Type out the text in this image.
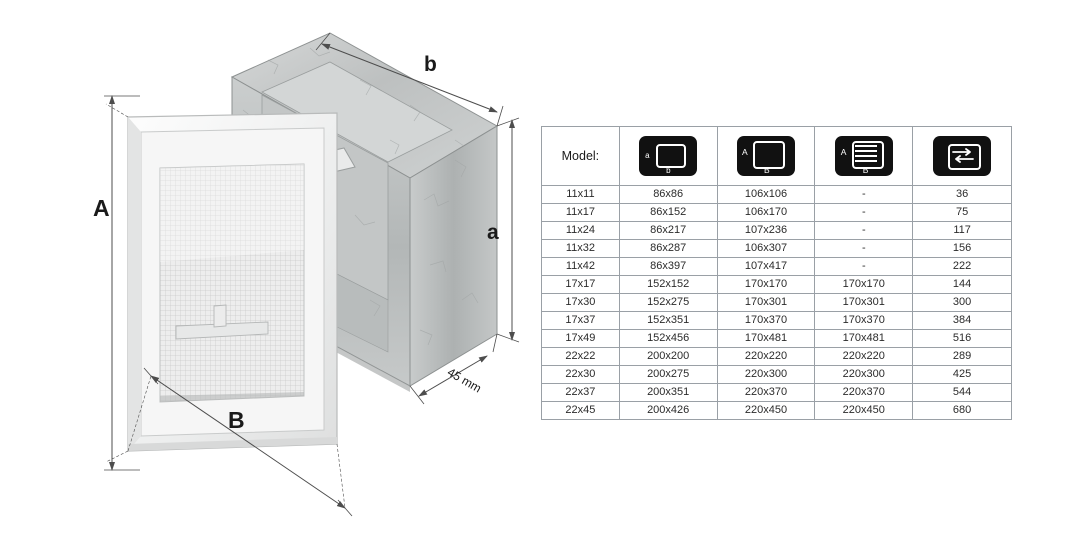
A
B
b
a
45 mm
Model:	a
b	A
B	A
B

11x11	86x86	106x106	-	36
11x17	86x152	106x170	-	75
11x24	86x217	107x236	-	117
11x32	86x287	106x307	-	156
11x42	86x397	107x417	-	222
17x17	152x152	170x170	170x170	144
17x30	152x275	170x301	170x301	300
17x37	152x351	170x370	170x370	384
17x49	152x456	170x481	170x481	516
22x22	200x200	220x220	220x220	289
22x30	200x275	220x300	220x300	425
22x37	200x351	220x370	220x370	544
22x45	200x426	220x450	220x450	680
